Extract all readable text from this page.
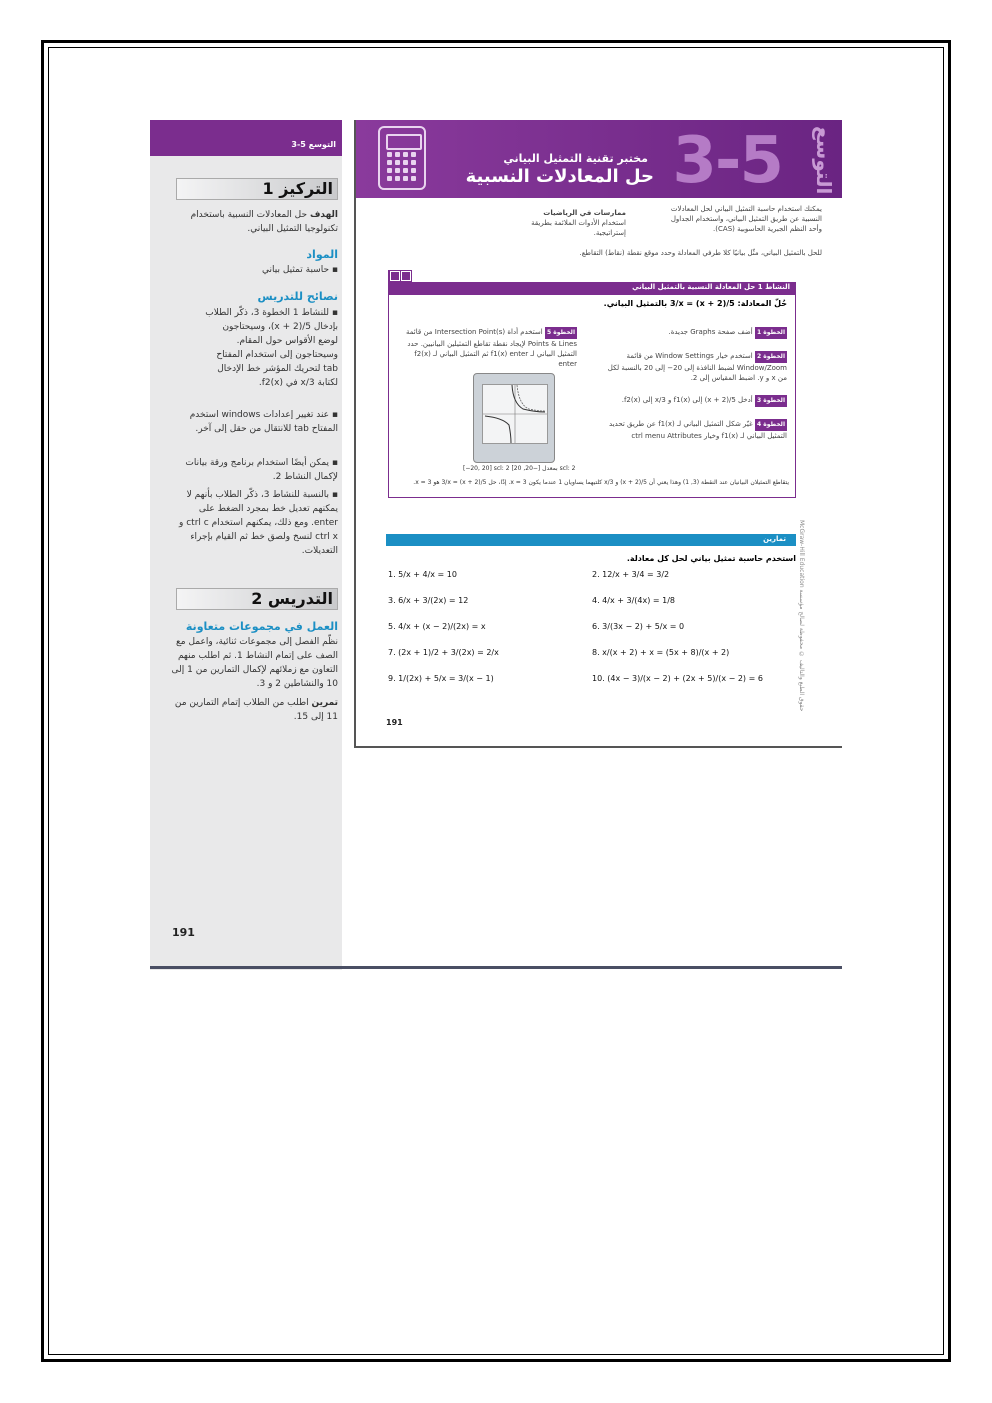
التوسع 5-3
1 التركيز
الهدف حل المعادلات النسبية باستخدام تكنولوجيا التمثيل البياني.
المواد
▪ حاسبة تمثيل بياني
نصائح للتدريس
▪ للنشاط 1 الخطوة 3، ذكّر الطلاب
بإدخال 5/(x + 2)، وسيحتاجون
لوضع الأقواس حول المقام.
وسيحتاجون إلى استخدام المفتاح
tab لتحريك المؤشر خط الإدخال
لكتابة 3/x في f2(x).
▪ عند تغيير إعدادات windows استخدم المفتاح tab للانتقال من حقل إلى آخر.
▪ يمكن أيضًا استخدام برنامج ورقة بيانات لإكمال النشاط 2.
▪ بالنسبة للنشاط 3، ذكّر الطلاب بأنهم لا يمكنهم تعديل خط بمجرد الضغط على enter. ومع ذلك، يمكنهم استخدام ctrl c و ctrl x لنسخ ولصق خط ثم القيام بإجراء التعديلات.
2 التدريس
العمل في مجموعات متعاونة
نظّم الفصل إلى مجموعات ثنائية، واعمل مع الصف على إتمام النشاط 1. ثم اطلب منهم التعاون مع زملائهم لإكمال التمارين من 1 إلى 10 والنشاطين 2 و 3.
تمرين اطلب من الطلاب إتمام التمارين من 11 إلى 15.
191
3-5 التوسع
مختبر تقنية التمثيل البياني
حل المعادلات النسبية
يمكنك استخدام حاسبة التمثيل البياني لحل المعادلات
النسبية عن طريق التمثيل البياني، واستخدام الجداول
وأحد النظم الجبرية الحاسوبية (CAS).
ممارسات في الرياضيات
استخدام الأدوات الملائمة بطريقة إستراتيجية.
للحل بالتمثيل البياني، مثّل بيانيًا كلا طرفي المعادلة وحدد موقع نقطة (نقاط) التقاطع.
النشاط 1 حل المعادلة النسبية بالتمثيل البياني
حُلّ المعادلة: 5/(x + 2) = 3/x بالتمثيل البياني.
الخطوة 1 أضف صفحة Graphs جديدة.
الخطوة 2 استخدم خيار Window Settings من قائمة Window/Zoom لضبط النافذة إلى 20− إلى 20 بالنسبة لكل من x و y. اضبط المقياس إلى 2.
الخطوة 3 أدخل 5/(x + 2) إلى f1(x) و 3/x إلى f2(x).
الخطوة 4 غيّر شكل التمثيل البياني لـ f1(x) عن طريق تحديد التمثيل البياني لـ f1(x) وخيار ctrl menu Attributes
الخطوة 5 استخدم أداة Intersection Point(s) من قائمة Points & Lines لإيجاد نقطة تقاطع التمثيلين البيانيين. حدد التمثيل البياني لـ f1(x) enter ثم التمثيل البياني لـ f2(x) enter
[−20, 20] scl: 2 بمعدل [−20, 20] scl: 2
يتقاطع التمثيلان البيانيان عند النقطة (3, 1) وهذا يعني أن 5/(x + 2) و 3/x كلتيهما يساويان 1 عندما يكون x = 3. إذًا، حل 5/(x + 2) = 3/x هو x = 3.
تمارين
استخدم حاسبة تمثيل بياني لحل كل معادلة.
1. 5/x + 4/x = 10	2. 12/x + 3/4 = 3/2
3. 6/x + 3/(2x) = 12	4. 4/x + 3/(4x) = 1/8
5. 4/x + (x − 2)/(2x) = x	6. 3/(3x − 2) + 5/x = 0
7. (2x + 1)/2 + 3/(2x) = 2/x	8. x/(x + 2) + x = (5x + 8)/(x + 2)
9. 1/(2x) + 5/x = 3/(x − 1)	10. (4x − 3)/(x − 2) + (2x + 5)/(x − 2) = 6
McGraw-Hill Education حقوق الطبع والتأليف © محفوظة لصالح مؤسسة
191
